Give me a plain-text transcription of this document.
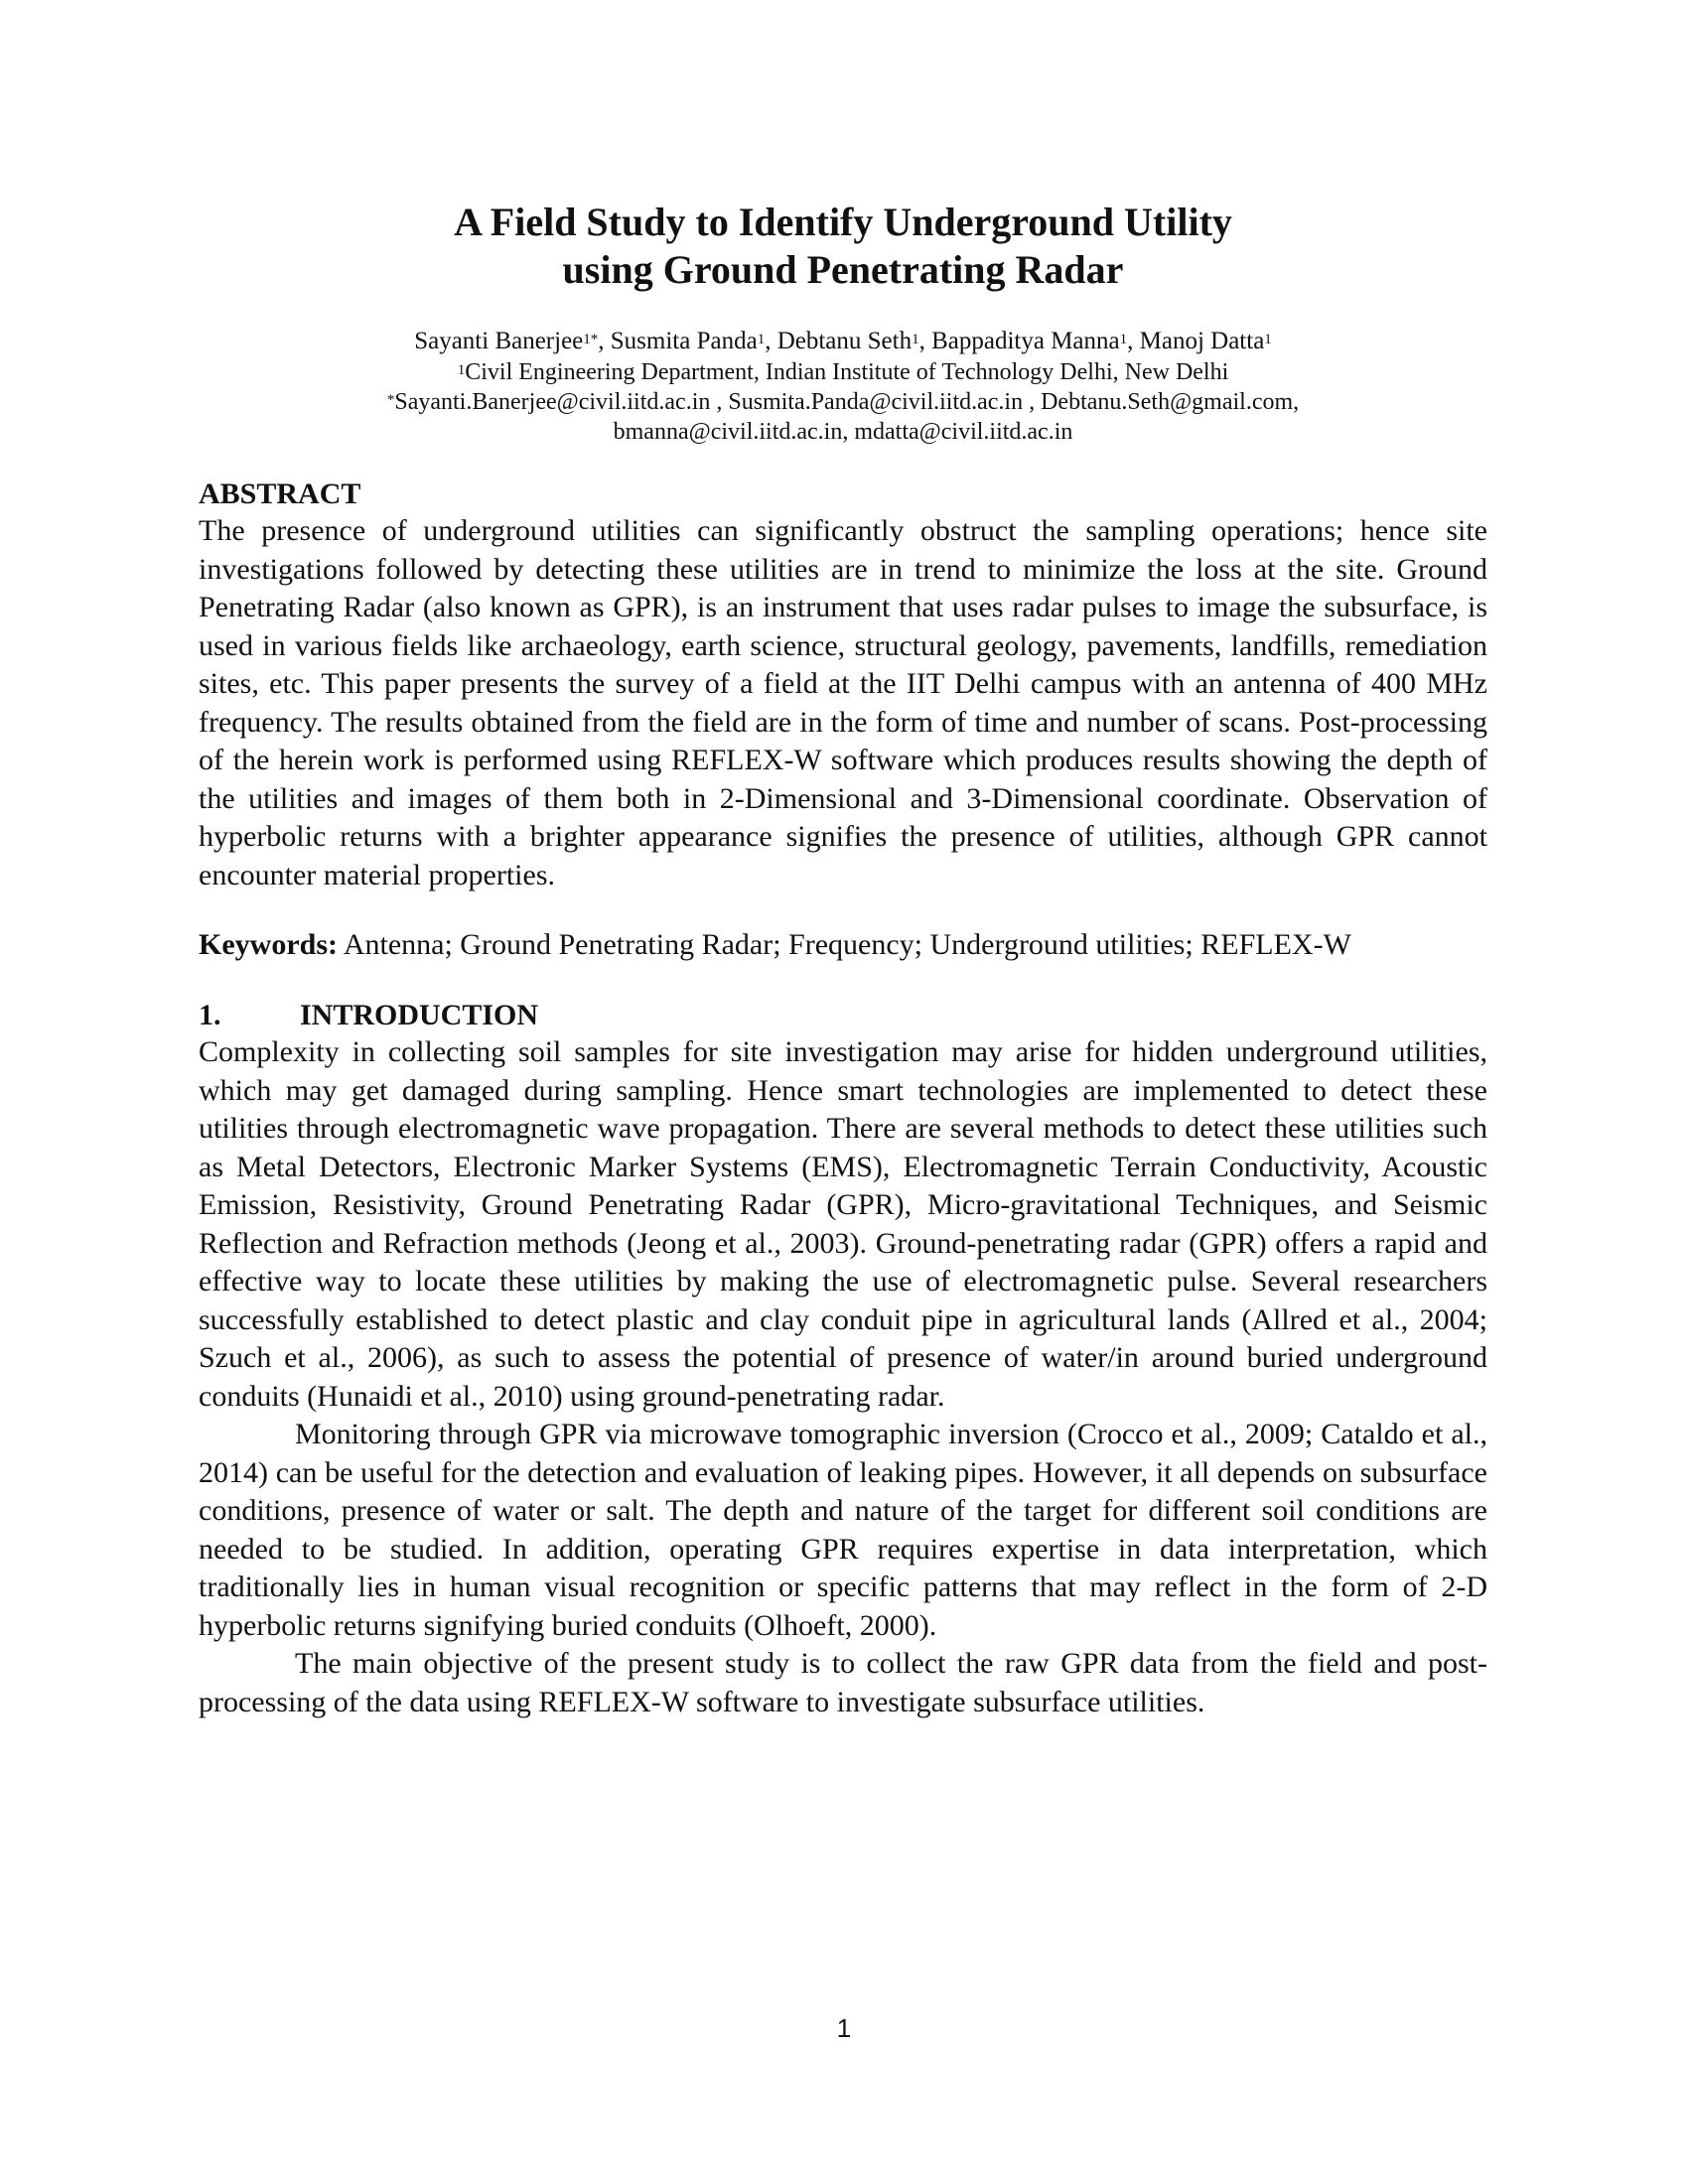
A Field Study to Identify Underground Utility
using Ground Penetrating Radar
Sayanti Banerjee$^{1*}$, Susmita Panda$^1$, Debtanu Seth$^1$, Bappaditya Manna$^1$, Manoj Datta$^1$
$^1$Civil Engineering Department, Indian Institute of Technology Delhi, New Delhi
*Sayanti.Banerjee@civil.iitd.ac.in , Susmita.Panda@civil.iitd.ac.in , Debtanu.Seth@gmail.com,
bmanna@civil.iitd.ac.in, mdatta@civil.iitd.ac.in
ABSTRACT

The presence of underground utilities can significantly obstruct the sampling operations; hence site investigations followed by detecting these utilities are in trend to minimize the loss at the site. Ground Penetrating Radar (also known as GPR), is an instrument that uses radar pulses to image the subsurface, is used in various fields like archaeology, earth science, structural geology, pavements, landfills, remediation sites, etc. This paper presents the survey of a field at the IIT Delhi campus with an antenna of 400 MHz frequency. The results obtained from the field are in the form of time and number of scans. Post-processing of the herein work is performed using REFLEX-W software which produces results showing the depth of the utilities and images of them both in 2-Dimensional and 3-Dimensional coordinate. Observation of hyperbolic returns with a brighter appearance signifies the presence of utilities, although GPR cannot encounter material properties.

Keywords: Antenna; Ground Penetrating Radar; Frequency; Underground utilities; REFLEX-W
1.	INTRODUCTION

Complexity in collecting soil samples for site investigation may arise for hidden underground utilities, which may get damaged during sampling. Hence smart technologies are implemented to detect these utilities through electromagnetic wave propagation. There are several methods to detect these utilities such as Metal Detectors, Electronic Marker Systems (EMS), Electromagnetic Terrain Conductivity, Acoustic Emission, Resistivity, Ground Penetrating Radar (GPR), Micro-gravitational Techniques, and Seismic Reflection and Refraction methods (Jeong et al., 2003). Ground-penetrating radar (GPR) offers a rapid and effective way to locate these utilities by making the use of electromagnetic pulse. Several researchers successfully established to detect plastic and clay conduit pipe in agricultural lands (Allred et al., 2004; Szuch et al., 2006), as such to assess the potential of presence of water/in around buried underground conduits (Hunaidi et al., 2010) using ground-penetrating radar.

Monitoring through GPR via microwave tomographic inversion (Crocco et al., 2009; Cataldo et al., 2014) can be useful for the detection and evaluation of leaking pipes. However, it all depends on subsurface conditions, presence of water or salt. The depth and nature of the target for different soil conditions are needed to be studied. In addition, operating GPR requires expertise in data interpretation, which traditionally lies in human visual recognition or specific patterns that may reflect in the form of 2-D hyperbolic returns signifying buried conduits (Olhoeft, 2000).

The main objective of the present study is to collect the raw GPR data from the field and post-processing of the data using REFLEX-W software to investigate subsurface utilities.

1
